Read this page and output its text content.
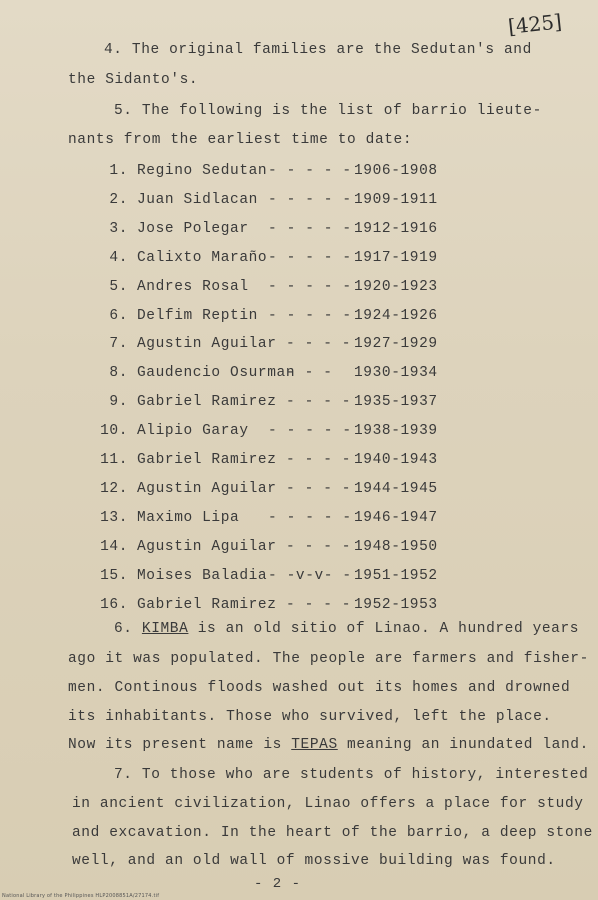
[425]
4. The original families are the Sedutan's and
the Sidanto's.
5. The following is the list of barrio lieute-
nants from the earliest time to date:
1. Regino Sedutan - - - - - 1906-1908
2. Juan Sidlacan - - - - - 1909-1911
3. Jose Polegar - - - - - 1912-1916
4. Calixto Maraño - - - - - 1917-1919
5. Andres Rosal - - - - - 1920-1923
6. Delfim Reptin - - - - - 1924-1926
7. Agustin Aguilar - - - - 1927-1929
8. Gaudencio Osurman
- - - 1930-1934
9. Gabriel Ramirez - - - - 1935-1937
10. Alipio Garay - - - - - 1938-1939
11. Gabriel Ramirez - - - - 1940-1943
12. Agustin Aguilar - - - - 1944-1945
13. Maximo Lipa - - - - - 1946-1947
14. Agustin Aguilar - - - - 1948-1950
15. Moises Baladia - -v-v- - 1951-1952
16. Gabriel Ramirez - - - - 1952-1953
6. KIMBA is an old sitio of Linao. A hundred years
ago it was populated. The people are farmers and fisher-
men. Continous floods washed out its homes and drowned
its inhabitants. Those who survived, left the place.
Now its present name is TEPAS meaning an inundated land.
7. To those who are students of history, interested
in ancient civilization, Linao offers a place for study
and excavation. In the heart of the barrio, a deep stone
well, and an old wall of mossive building was found.
- 2 -
National Library of the Philippines HLP2008851A/27174.tif
